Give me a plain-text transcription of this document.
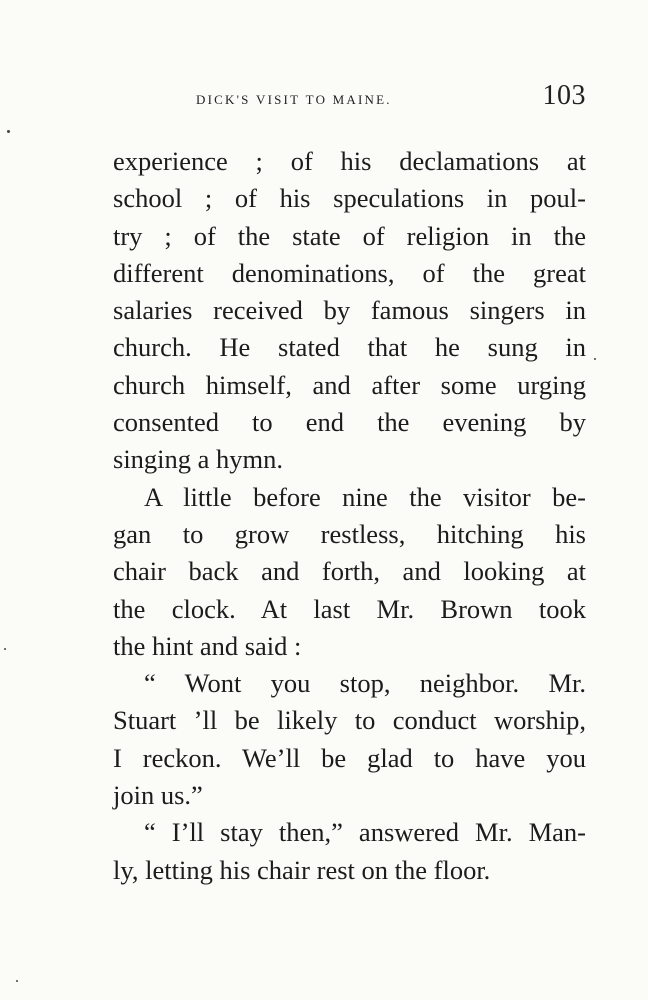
dick's visit to maine.	103
experience ; of his declamations at
school ; of his speculations in poul-
try ; of the state of religion in the
different denominations, of the great
salaries received by famous singers in
church. He stated that he sung in
church himself, and after some urging
consented to end the evening by
singing a hymn.
A little before nine the visitor be-
gan to grow restless, hitching his
chair back and forth, and looking at
the clock. At last Mr. Brown took
the hint and said :
“ Wont you stop, neighbor. Mr.
Stuart ’ll be likely to conduct worship,
I reckon. We’ll be glad to have you
join us.”
“ I’ll stay then,” answered Mr. Man-
ly, letting his chair rest on the floor.
